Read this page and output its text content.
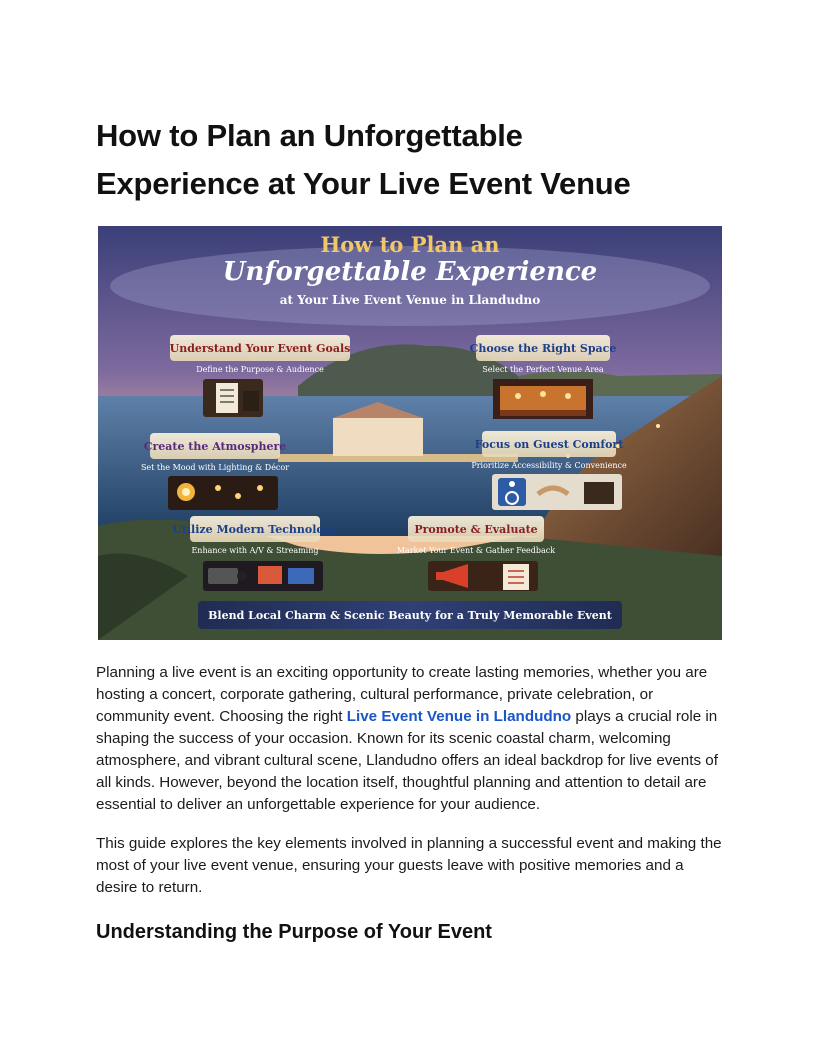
How to Plan an Unforgettable
Experience at Your Live Event Venue
How to Plan an
Unforgettable Experience
at Your Live Event Venue in Llandudno
Understand Your Event Goals
Define the Purpose & Audience
Choose the Right Space
Select the Perfect Venue Area
Create the Atmosphere
Set the Mood with Lighting & Décor
Focus on Guest Comfort
Prioritize Accessibility & Convenience
Utilize Modern Technology
Enhance with A/V & Streaming
Promote & Evaluate
Market Your Event & Gather Feedback
Blend Local Charm & Scenic Beauty for a Truly Memorable Event

Planning a live event is an exciting opportunity to create lasting memories, whether you are hosting a concert, corporate gathering, cultural performance, private celebration, or community event. Choosing the right Live Event Venue in Llandudno plays a crucial role in shaping the success of your occasion. Known for its scenic coastal charm, welcoming atmosphere, and vibrant cultural scene, Llandudno offers an ideal backdrop for live events of all kinds. However, beyond the location itself, thoughtful planning and attention to detail are essential to deliver an unforgettable experience for your audience.

This guide explores the key elements involved in planning a successful event and making the most of your live event venue, ensuring your guests leave with positive memories and a desire to return.

Understanding the Purpose of Your Event
